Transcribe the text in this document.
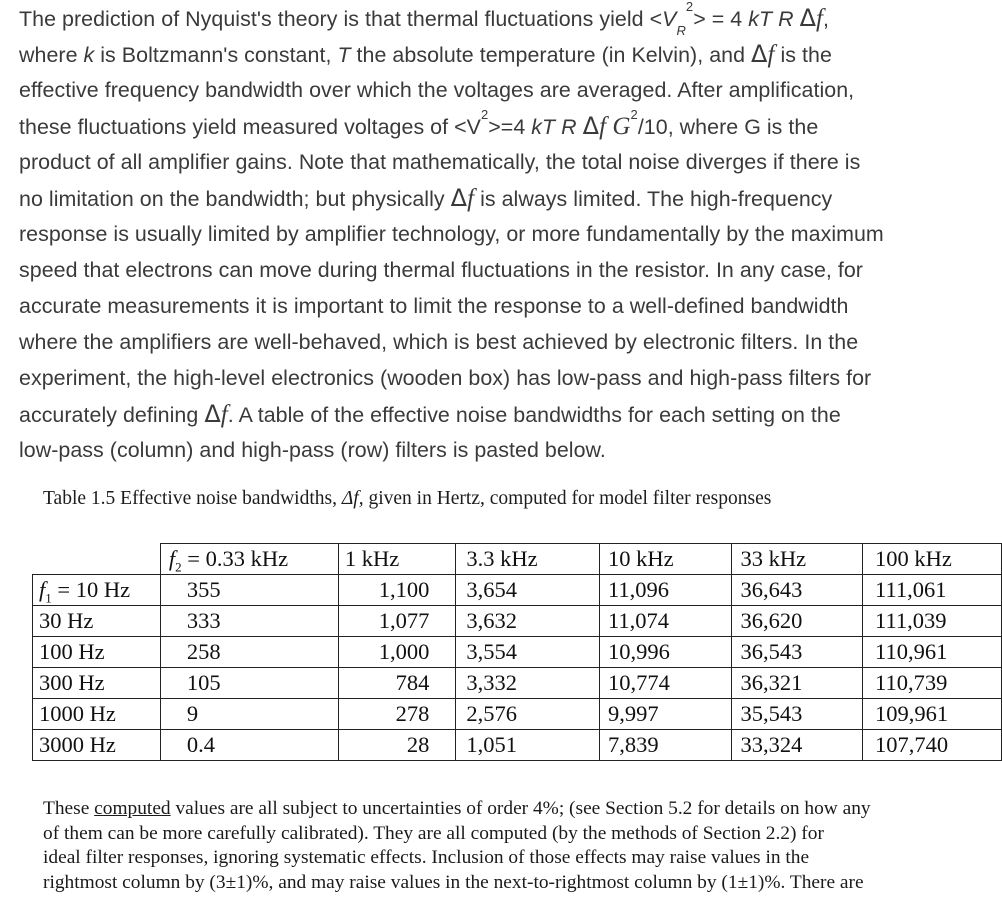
The prediction of Nyquist's theory is that thermal fluctuations yield $<V_R^2> = 4$ kT R Δf,
where k is Boltzmann's constant, T the absolute temperature (in Kelvin), and Δf is the
effective frequency bandwidth over which the voltages are averaged. After amplification,
these fluctuations yield measured voltages of $<V^2>=4$ kT R Δf $G^2/10$, where G is the
product of all amplifier gains. Note that mathematically, the total noise diverges if there is
no limitation on the bandwidth; but physically Δf is always limited. The high-frequency
response is usually limited by amplifier technology, or more fundamentally by the maximum
speed that electrons can move during thermal fluctuations in the resistor. In any case, for
accurate measurements it is important to limit the response to a well-defined bandwidth
where the amplifiers are well-behaved, which is best achieved by electronic filters. In the
experiment, the high-level electronics (wooden box) has low-pass and high-pass filters for
accurately defining Δf. A table of the effective noise bandwidths for each setting on the
low-pass (column) and high-pass (row) filters is pasted below.
Table 1.5 Effective noise bandwidths, Δf, given in Hertz, computed for model filter responses
	$f_2 = 0.33$ kHz	1 kHz	3.3 kHz	10 kHz	33 kHz	100 kHz
$f_1 = 10$ Hz	355	1,100	3,654	11,096	36,643	111,061
30 Hz	333	1,077	3,632	11,074	36,620	111,039
100 Hz	258	1,000	3,554	10,996	36,543	110,961
300 Hz	105	784	3,332	10,774	36,321	110,739
1000 Hz	9	278	2,576	9,997	35,543	109,961
3000 Hz	0.4	28	1,051	7,839	33,324	107,740
These computed values are all subject to uncertainties of order 4%; (see Section 5.2 for details on how any
of them can be more carefully calibrated). They are all computed (by the methods of Section 2.2) for
ideal filter responses, ignoring systematic effects. Inclusion of those effects may raise values in the
rightmost column by (3±1)%, and may raise values in the next-to-rightmost column by (1±1)%. There are
